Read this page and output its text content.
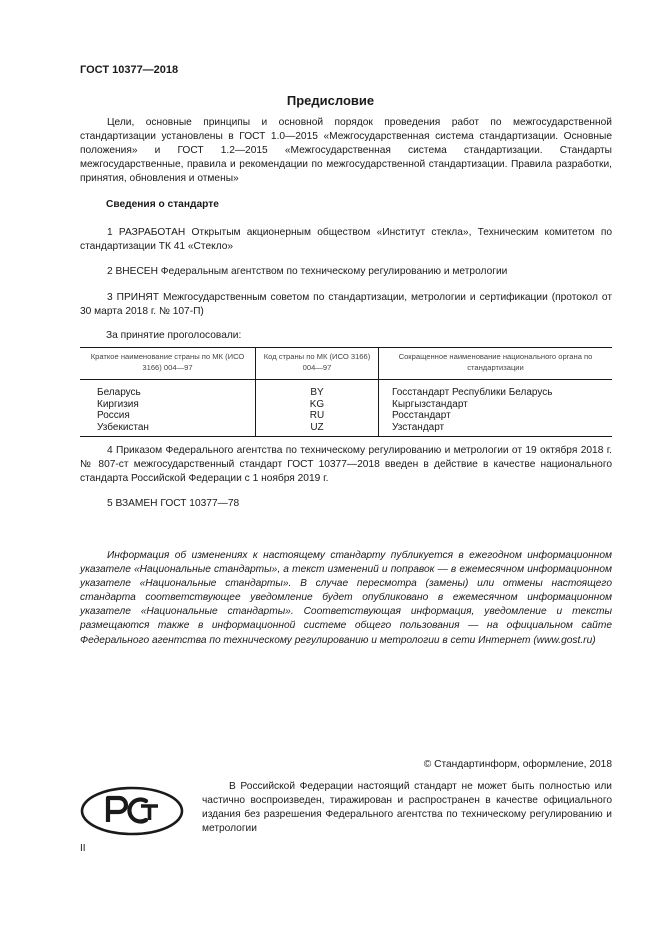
ГОСТ 10377—2018
Предисловие
Цели, основные принципы и основной порядок проведения работ по межгосударственной стандартизации установлены в ГОСТ 1.0—2015 «Межгосударственная система стандартизации. Основные положения» и ГОСТ 1.2—2015 «Межгосударственная система стандартизации. Стандарты межгосударственные, правила и рекомендации по межгосударственной стандартизации. Правила разработки, принятия, обновления и отмены»
Сведения о стандарте
1 РАЗРАБОТАН Открытым акционерным обществом «Институт стекла», Техническим комитетом по стандартизации ТК 41 «Стекло»
2 ВНЕСЕН Федеральным агентством по техническому регулированию и метрологии
3 ПРИНЯТ Межгосударственным советом по стандартизации, метрологии и сертификации (протокол от 30 марта 2018 г. № 107-П)
За принятие проголосовали:
Краткое наименование страны по МК (ИСО 3166) 004—97	Код страны по МК (ИСО 3166) 004—97	Сокращенное наименование национального органа по стандартизации
Беларусь	BY	Госстандарт Республики Беларусь
Киргизия	KG	Кыргызстандарт
Россия	RU	Росстандарт
Узбекистан	UZ	Узстандарт
4 Приказом Федерального агентства по техническому регулированию и метрологии от 19 октября 2018 г. № 807-ст межгосударственный стандарт ГОСТ 10377—2018 введен в действие в качестве национального стандарта Российской Федерации с 1 ноября 2019 г.
5 ВЗАМЕН ГОСТ 10377—78
Информация об изменениях к настоящему стандарту публикуется в ежегодном информационном указателе «Национальные стандарты», а текст изменений и поправок — в ежемесячном информационном указателе «Национальные стандарты». В случае пересмотра (замены) или отмены настоящего стандарта соответствующее уведомление будет опубликовано в ежемесячном информационном указателе «Национальные стандарты». Соответствующая информация, уведомление и тексты размещаются также в информационной системе общего пользования — на официальном сайте Федерального агентства по техническому регулированию и метрологии в сети Интернет (www.gost.ru)
© Стандартинформ, оформление, 2018
В Российской Федерации настоящий стандарт не может быть полностью или частично воспроизведен, тиражирован и распространен в качестве официального издания без разрешения Федерального агентства по техническому регулированию и метрологии
II
